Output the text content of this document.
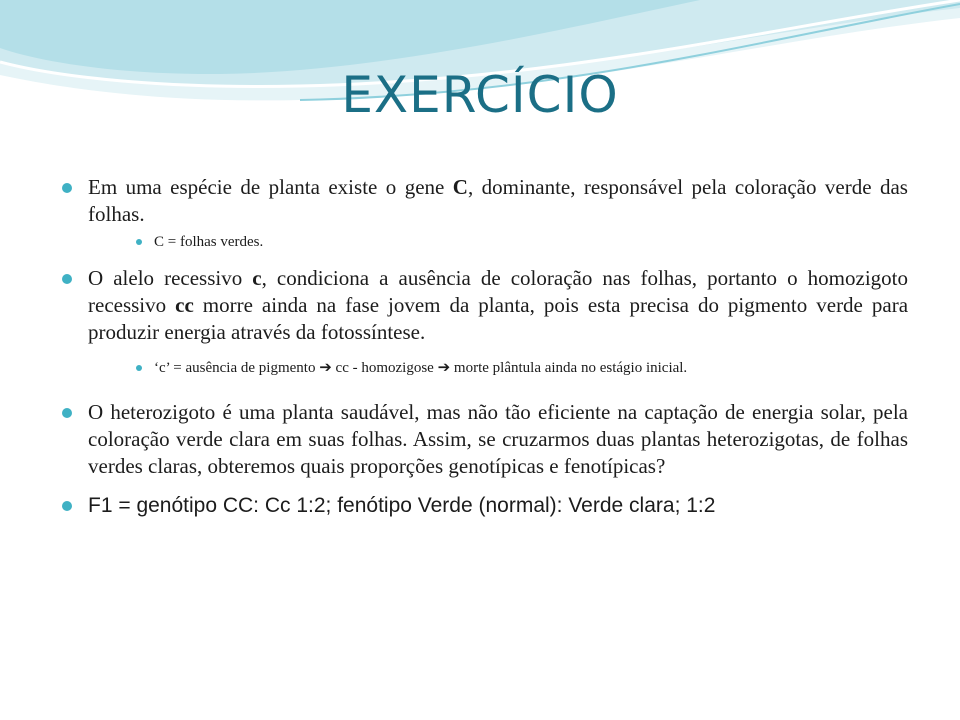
EXERCÍCIO
Em uma espécie de planta existe o gene C, dominante, responsável pela coloração verde das folhas.
C = folhas verdes.
O alelo recessivo c, condiciona a ausência de coloração nas folhas, portanto o homozigoto recessivo cc morre ainda na fase jovem da planta, pois esta precisa do pigmento verde para produzir energia através da fotossíntese.
‘c’ = ausência de pigmento ➔ cc - homozigose ➔ morte plântula ainda no estágio inicial.
O heterozigoto é uma planta saudável, mas não tão eficiente na captação de energia solar, pela coloração verde clara em suas folhas. Assim, se cruzarmos duas plantas heterozigotas, de folhas verdes claras, obteremos quais proporções genotípicas e fenotípicas?
F1 = genótipo CC: Cc 1:2; fenótipo Verde (normal): Verde clara; 1:2
